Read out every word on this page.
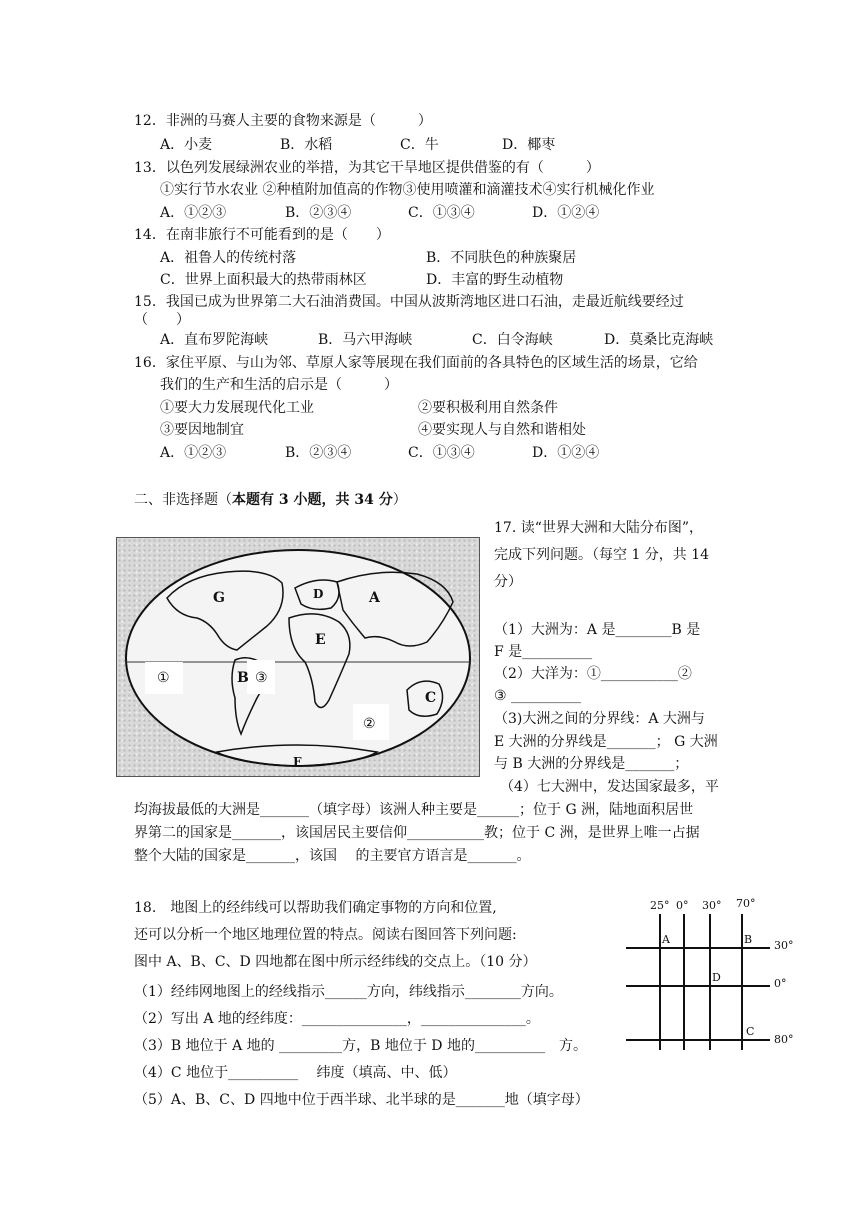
12．非洲的马赛人主要的食物来源是（　　　）
A．小麦	B．水稻	C．牛	D．椰枣
13．以色列发展绿洲农业的举措，为其它干旱地区提供借鉴的有（　　　）
①实行节水农业 ②种植附加值高的作物③使用喷灌和滴灌技术④实行机械化作业
A．①②③	B．②③④	C．①③④	D．①②④
14．在南非旅行不可能看到的是（　　）
A．祖鲁人的传统村落	B．不同肤色的种族聚居
C．世界上面积最大的热带雨林区	D．丰富的野生动植物
15．我国已成为世界第二大石油消费国。中国从波斯湾地区进口石油，走最近航线要经过
（　　）
A．直布罗陀海峡	B．马六甲海峡	C．白令海峡	D．莫桑比克海峡
16．家住平原、与山为邻、草原人家等展现在我们面前的各具特色的区域生活的场景，它给
我们的生产和生活的启示是（　　　）
①要大力发展现代化工业	②要积极利用自然条件
③要因地制宜	④要实现人与自然和谐相处
A．①②③	B．②③④	C．①③④	D．①②④
二、非选择题（本题有 3 小题，共 34 分）
G	D	A
E
B
C
F
①	③
②
17. 读“世界大洲和大陆分布图”，
完成下列问题。（每空 1 分，共 14
分）
（1）大洲为：A 是________B 是
F 是__________
（2）大洋为：①___________②
③ __________
（3)大洲之间的分界线：A 大洲与
E 大洲的分界线是_______； G 大洲
与 B 大洲的分界线是_______；
（4）七大洲中，发达国家最多，平
均海拔最低的大洲是_______（填字母）该洲人种主要是______；位于 G 洲，陆地面积居世
界第二的国家是_______，该国居民主要信仰___________教；位于 C 洲，是世界上唯一占据
整个大陆的国家是_______，该国　 的主要官方语言是_______。
18.　地图上的经纬线可以帮助我们确定事物的方向和位置,
还可以分析一个地区地理位置的特点。阅读右图回答下列问题:
图中 A、B、C、D 四地都在图中所示经纬线的交点上。（10 分）
（1）经纬网地图上的经线指示______方向，纬线指示________方向。
（2）写出 A 地的经纬度：_______________，_______________。
（3）B 地位于 A 地的 _________方，B 地位于 D 地的__________　方。
（4）C 地位于__________　 纬度（填高、中、低）
（5）A、B、C、D 四地中位于西半球、北半球的是_______地（填字母）
25° 0° 30° 70°
30°
0°
80°
A	B
D
C
